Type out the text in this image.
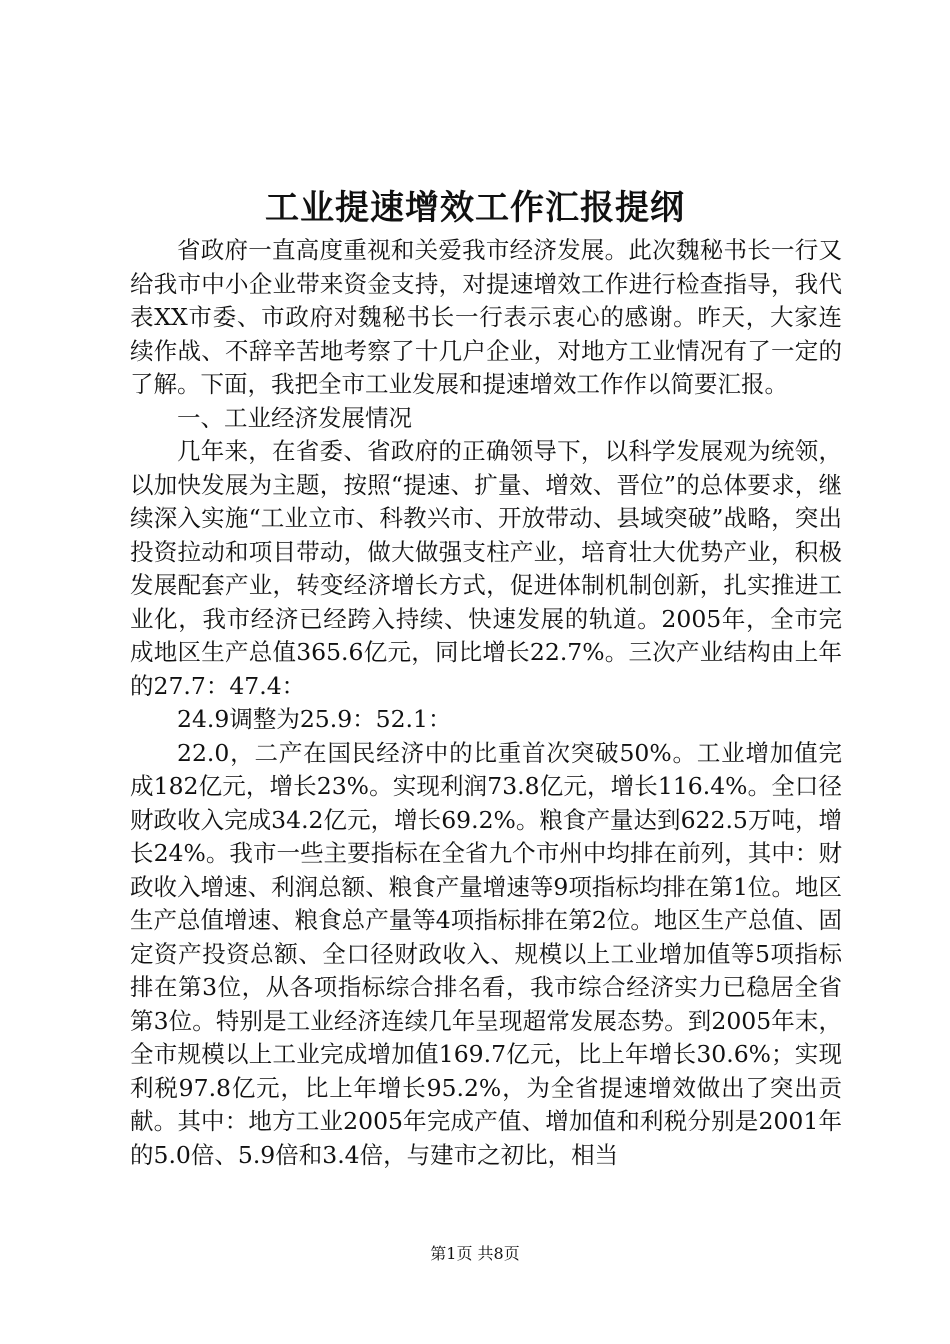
工业提速增效工作汇报提纲

省政府一直高度重视和关爱我市经济发展。此次魏秘书长一行又给我市中小企业带来资金支持，对提速增效工作进行检查指导，我代表XX市委、市政府对魏秘书长一行表示衷心的感谢。昨天，大家连续作战、不辞辛苦地考察了十几户企业，对地方工业情况有了一定的了解。下面，我把全市工业发展和提速增效工作作以简要汇报。

一、工业经济发展情况

几年来，在省委、省政府的正确领导下，以科学发展观为统领，以加快发展为主题，按照“提速、扩量、增效、晋位”的总体要求，继续深入实施“工业立市、科教兴市、开放带动、县域突破”战略，突出投资拉动和项目带动，做大做强支柱产业，培育壮大优势产业，积极发展配套产业，转变经济增长方式，促进体制机制创新，扎实推进工业化，我市经济已经跨入持续、快速发展的轨道。2005年，全市完成地区生产总值365.6亿元，同比增长22.7%。三次产业结构由上年的27.7：47.4：

24.9调整为25.9：52.1：

22.0，二产在国民经济中的比重首次突破50%。工业增加值完成182亿元，增长23%。实现利润73.8亿元，增长116.4%。全口径财政收入完成34.2亿元，增长69.2%。粮食产量达到622.5万吨，增长24%。我市一些主要指标在全省九个市州中均排在前列，其中：财政收入增速、利润总额、粮食产量增速等9项指标均排在第1位。地区生产总值增速、粮食总产量等4项指标排在第2位。地区生产总值、固定资产投资总额、全口径财政收入、规模以上工业增加值等5项指标排在第3位，从各项指标综合排名看，我市综合经济实力已稳居全省第3位。特别是工业经济连续几年呈现超常发展态势。到2005年末，全市规模以上工业完成增加值169.7亿元，比上年增长30.6%；实现利税97.8亿元，比上年增长95.2%，为全省提速增效做出了突出贡献。其中：地方工业2005年完成产值、增加值和利税分别是2001年的5.0倍、5.9倍和3.4倍，与建市之初比，相当

第1页 共8页
